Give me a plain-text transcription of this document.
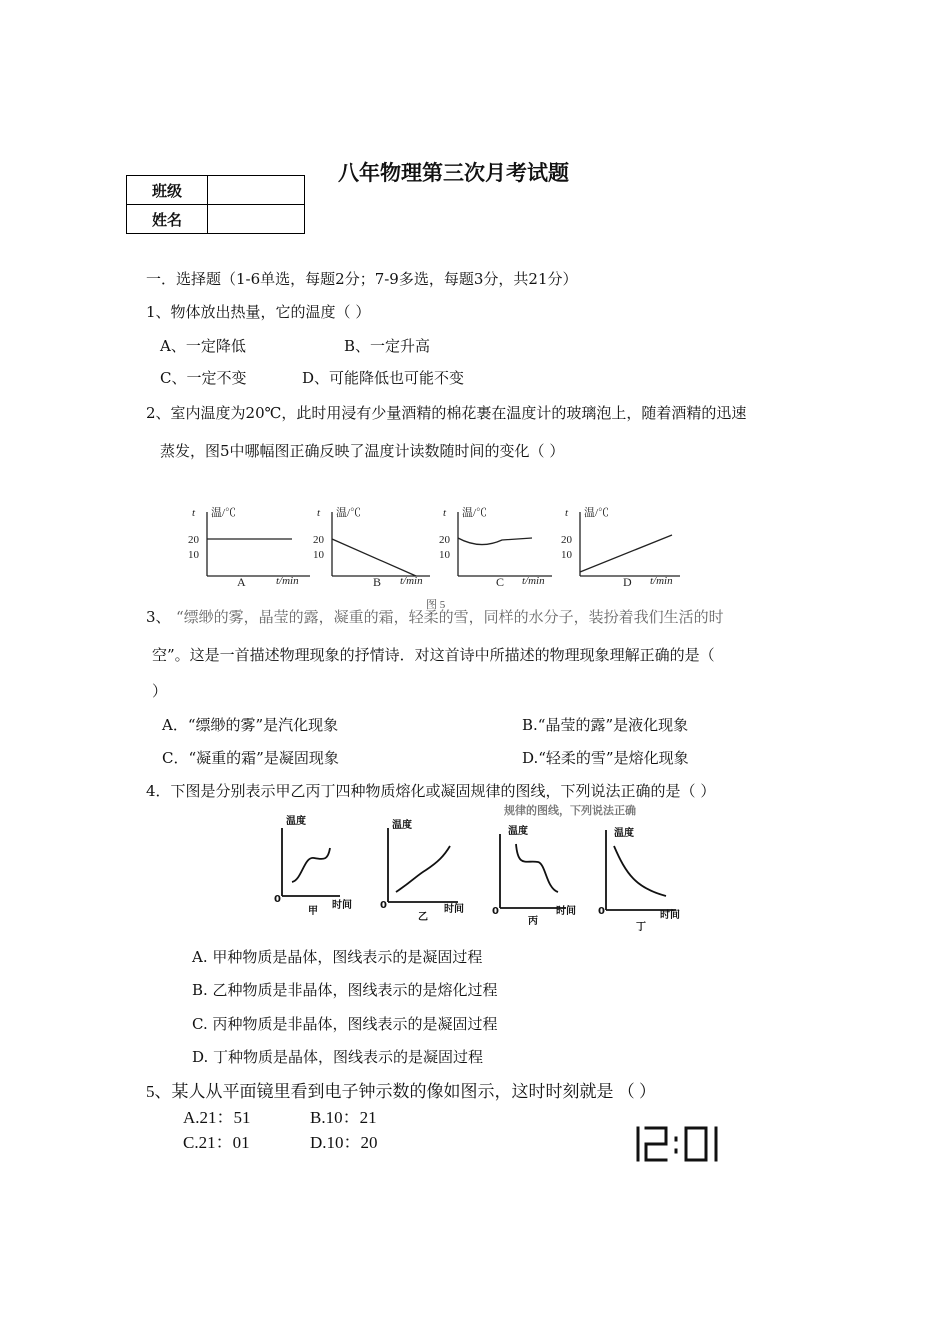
八年物理第三次月考试题
班级	
姓名	
一．选择题（1-6单选，每题2分；7-9多选，每题3分，共21分）
1、物体放出热量，它的温度（ ）
A、一定降低	B、一定升高
C、一定不变	D、可能降低也可能不变
2、室内温度为20℃，此时用浸有少量酒精的棉花裹在温度计的玻璃泡上，随着酒精的迅速
蒸发，图5中哪幅图正确反映了温度计读数随时间的变化（ ）
t 温/℃
20
10
A	t/min
t 温/℃
20
10
B t/min
t 温/℃
20
10
C t/min
t 温/℃
20
10
D t/min
图 5
3、 “缥缈的雾，晶莹的露，凝重的霜，轻柔的雪，同样的水分子，装扮着我们生活的时
空”。这是一首描述物理现象的抒情诗．对这首诗中所描述的物理现象理解正确的是（
）
A．“缥缈的雾”是汽化现象	B.“晶莹的露”是液化现象
C．“凝重的霜”是凝固现象	D.“轻柔的雪”是熔化现象
4．下图是分别表示甲乙丙丁四种物质熔化或凝固规律的图线，下列说法正确的是（ ）
规律的图线，下列说法正确
温度
0
甲
时间
温度
0
乙
时间
温度
0
丙
时间
温度
0
丁
时间
A. 甲种物质是晶体，图线表示的是凝固过程
B. 乙种物质是非晶体，图线表示的是熔化过程
C. 丙种物质是非晶体，图线表示的是凝固过程
D. 丁种物质是晶体，图线表示的是凝固过程
5、某人从平面镜里看到电子钟示数的像如图示，这时时刻就是 （ ）
A.21：51	B.10：21
C.21：01	D.10：20
